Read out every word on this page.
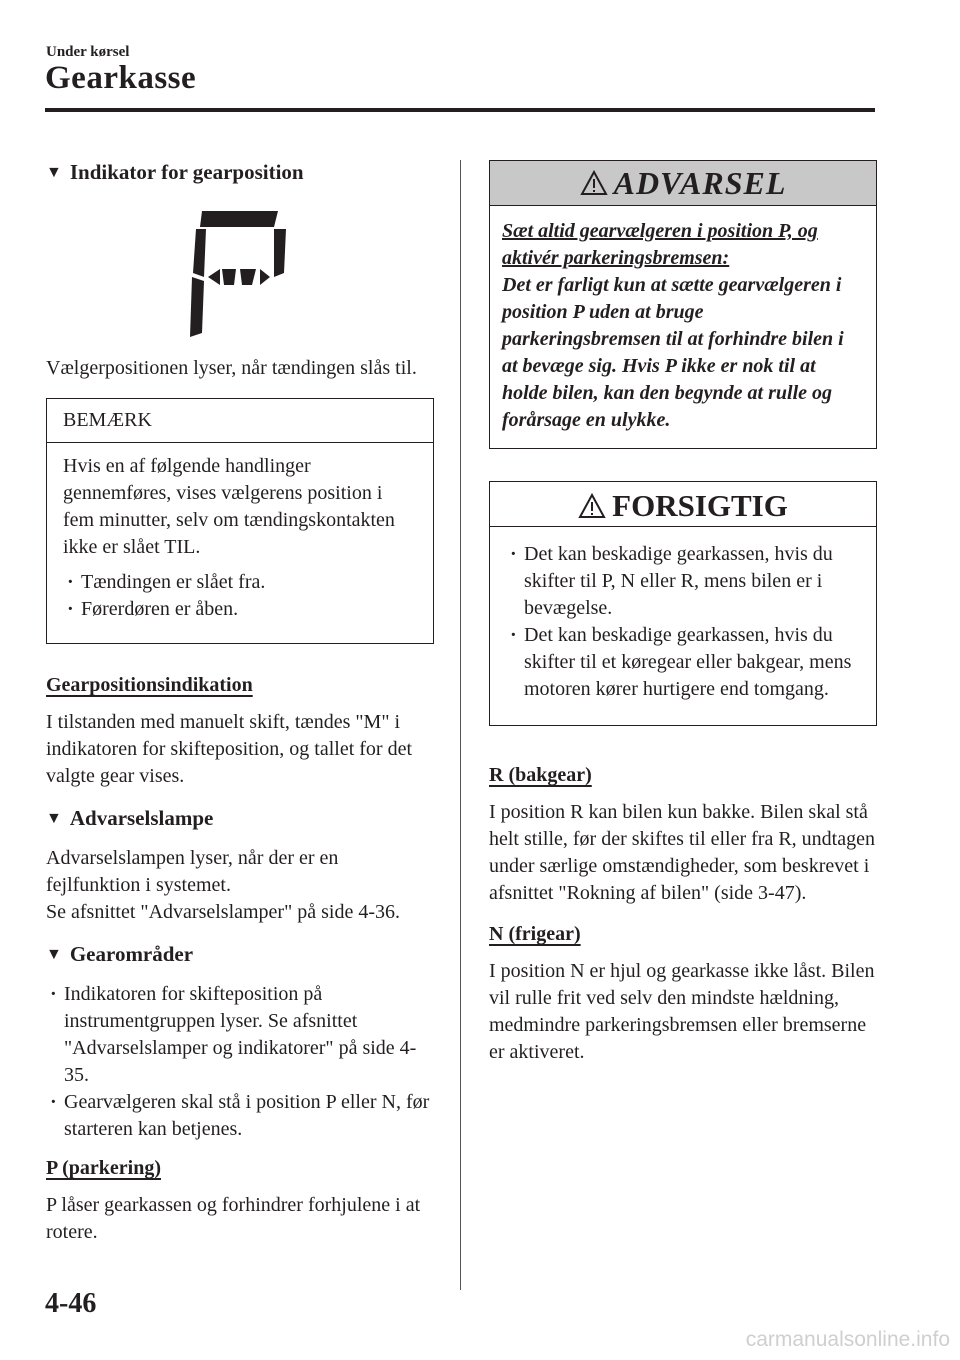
Under kørsel
Gearkasse
▼ Indikator for gearposition

Vælgerpositionen lyser, når tændingen slås til.

BEMÆRK

Hvis en af følgende handlinger gennemføres, vises vælgerens position i fem minutter, selv om tændingskontakten ikke er slået TIL.

· Tændingen er slået fra.
· Førerdøren er åben.
Gearpositionsindikation

I tilstanden med manuelt skift, tændes "M" i indikatoren for skifteposition, og tallet for det valgte gear vises.

▼ Advarselslampe

Advarselslampen lyser, når der er en fejlfunktion i systemet.

Se afsnittet "Advarselslamper" på side 4-36.

▼ Gearområder
· Indikatoren for skifteposition på instrumentgruppen lyser. Se afsnittet "Advarselslamper og indikatorer" på side 4-35.
· Gearvælgeren skal stå i position P eller N, før starteren kan betjenes.
P (parkering)

P låser gearkassen og forhindrer forhjulene i at rotere.

ADVARSEL

Sæt altid gearvælgeren i position P, og aktivér parkeringsbremsen:

Det er farligt kun at sætte gearvælgeren i position P uden at bruge parkeringsbremsen til at forhindre bilen i at bevæge sig. Hvis P ikke er nok til at holde bilen, kan den begynde at rulle og forårsage en ulykke.

FORSIGTIG
· Det kan beskadige gearkassen, hvis du skifter til P, N eller R, mens bilen er i bevægelse.
· Det kan beskadige gearkassen, hvis du skifter til et køregear eller bakgear, mens motoren kører hurtigere end tomgang.
R (bakgear)

I position R kan bilen kun bakke. Bilen skal stå helt stille, før der skiftes til eller fra R, undtagen under særlige omstændigheder, som beskrevet i afsnittet "Rokning af bilen" (side 3-47).

N (frigear)

I position N er hjul og gearkasse ikke låst. Bilen vil rulle frit ved selv den mindste hældning, medmindre parkeringsbremsen eller bremserne er aktiveret.

4-46
carmanualsonline.info
